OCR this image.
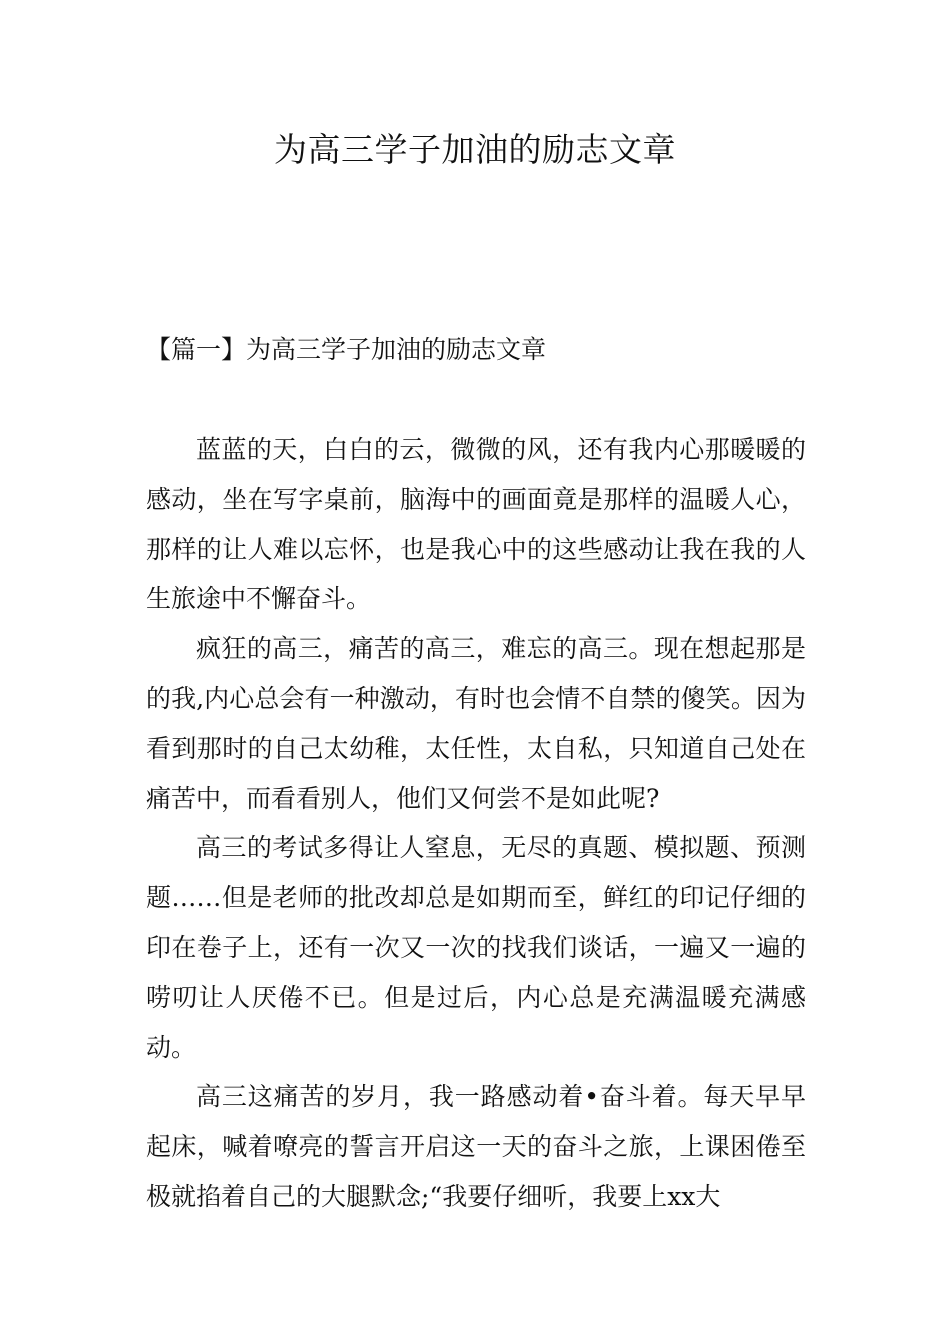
为高三学子加油的励志文章
【篇一】为高三学子加油的励志文章

蓝蓝的天，白白的云，微微的风，还有我内心那暖暖的感动，坐在写字桌前，脑海中的画面竟是那样的温暖人心，那样的让人难以忘怀，也是我心中的这些感动让我在我的人生旅途中不懈奋斗。

疯狂的高三，痛苦的高三，难忘的高三。现在想起那是的我,内心总会有一种激动，有时也会情不自禁的傻笑。因为看到那时的自己太幼稚，太任性，太自私，只知道自己处在痛苦中，而看看别人，他们又何尝不是如此呢?

高三的考试多得让人窒息，无尽的真题、模拟题、预测题……但是老师的批改却总是如期而至，鲜红的印记仔细的印在卷子上，还有一次又一次的找我们谈话，一遍又一遍的唠叨让人厌倦不已。但是过后，内心总是充满温暖充满感动。

高三这痛苦的岁月，我一路感动着•奋斗着。每天早早起床，喊着嘹亮的誓言开启这一天的奋斗之旅，上课困倦至极就掐着自己的大腿默念;“我要仔细听，我要上xx大
